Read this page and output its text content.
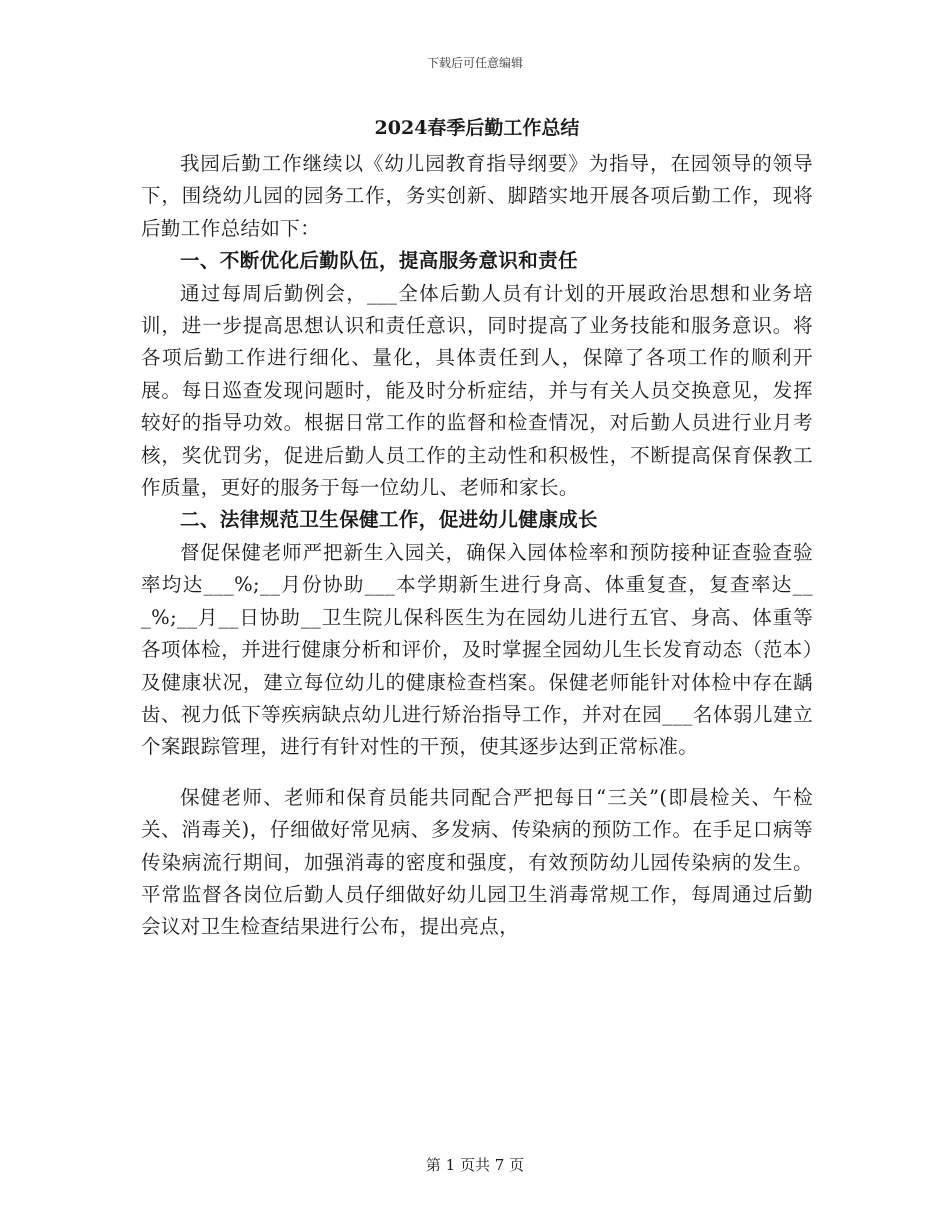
下载后可任意编辑
2024春季后勤工作总结

我园后勤工作继续以《幼儿园教育指导纲要》为指导，在园领导的领导下，围绕幼儿园的园务工作，务实创新、脚踏实地开展各项后勤工作，现将后勤工作总结如下：

一、不断优化后勤队伍，提高服务意识和责任

通过每周后勤例会，___全体后勤人员有计划的开展政治思想和业务培训，进一步提高思想认识和责任意识，同时提高了业务技能和服务意识。将各项后勤工作进行细化、量化，具体责任到人，保障了各项工作的顺利开展。每日巡查发现问题时，能及时分析症结，并与有关人员交换意见，发挥较好的指导功效。根据日常工作的监督和检查情况，对后勤人员进行业月考核，奖优罚劣，促进后勤人员工作的主动性和积极性，不断提高保育保教工作质量，更好的服务于每一位幼儿、老师和家长。

二、法律规范卫生保健工作，促进幼儿健康成长

督促保健老师严把新生入园关，确保入园体检率和预防接种证查验查验率均达___%;__月份协助___本学期新生进行身高、体重复查，复查率达___%;__月__日协助__卫生院儿保科医生为在园幼儿进行五官、身高、体重等各项体检，并进行健康分析和评价，及时掌握全园幼儿生长发育动态（范本）及健康状况，建立每位幼儿的健康检查档案。保健老师能针对体检中存在龋齿、视力低下等疾病缺点幼儿进行矫治指导工作，并对在园___名体弱儿建立个案跟踪管理，进行有针对性的干预，使其逐步达到正常标准。

保健老师、老师和保育员能共同配合严把每日“三关”(即晨检关、午检关、消毒关)，仔细做好常见病、多发病、传染病的预防工作。在手足口病等传染病流行期间，加强消毒的密度和强度，有效预防幼儿园传染病的发生。平常监督各岗位后勤人员仔细做好幼儿园卫生消毒常规工作，每周通过后勤会议对卫生检查结果进行公布，提出亮点，

第 1 页共 7 页
